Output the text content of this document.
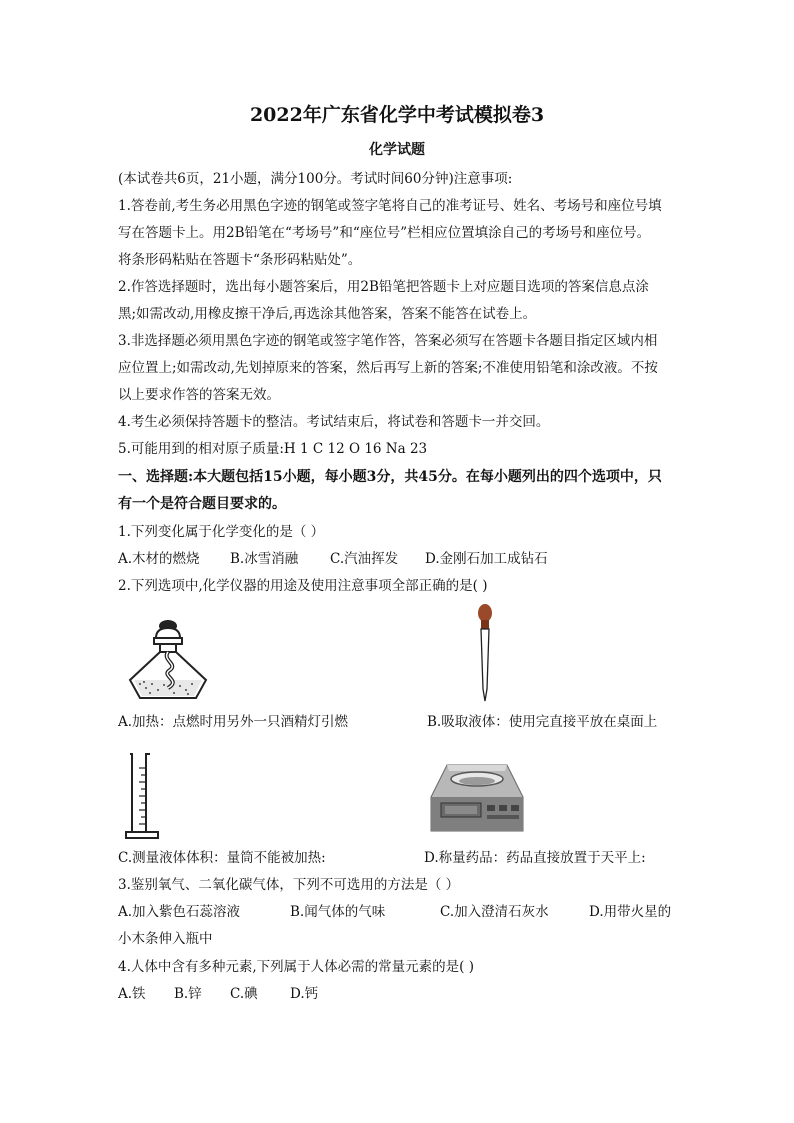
2022年广东省化学中考试模拟卷3
化学试题
(本试卷共6页，21小题，满分100分。考试时间60分钟)注意事项:
1.答卷前,考生务必用黑色字迹的钢笔或签字笔将自己的准考证号、姓名、考场号和座位号填
写在答题卡上。用2B铅笔在“考场号”和“座位号”栏相应位置填涂自己的考场号和座位号。
将条形码粘贴在答题卡“条形码粘贴处”。
2.作答选择题时，选出每小题答案后，用2B铅笔把答题卡上对应题目选项的答案信息点涂
黑;如需改动,用橡皮擦干净后,再选涂其他答案，答案不能答在试卷上。
3.非选择题必须用黑色字迹的钢笔或签字笔作答，答案必须写在答题卡各题目指定区域内相
应位置上;如需改动,先划掉原来的答案，然后再写上新的答案;不准使用铅笔和涂改液。不按
以上要求作答的答案无效。
4.考生必须保持答题卡的整洁。考试结束后，将试卷和答题卡一并交回。
5.可能用到的相对原子质量:H 1 C 12 O 16 Na 23
一、选择题:本大题包括15小题，每小题3分，共45分。在每小题列出的四个选项中，只
有一个是符合题目要求的。
1.下列变化属于化学变化的是（ ）
A.木材的燃烧 B.冰雪消融 C.汽油挥发 D.金刚石加工成钻石
2.下列选项中,化学仪器的用途及使用注意事项全部正确的是( )
A.加热：点燃时用另外一只酒精灯引燃	B.吸取液体：使用完直接平放在桌面上
C.测量液体体积：量筒不能被加热:	D.称量药品：药品直接放置于天平上:
3.鉴别氧气、二氧化碳气体，下列不可选用的方法是（ ）
A.加入紫色石蕊溶液	B.闻气体的气味	C.加入澄清石灰水	D.用带火星的
小木条伸入瓶中
4.人体中含有多种元素,下列属于人体必需的常量元素的是( )
A.铁 B.锌 C.碘 D.钙
